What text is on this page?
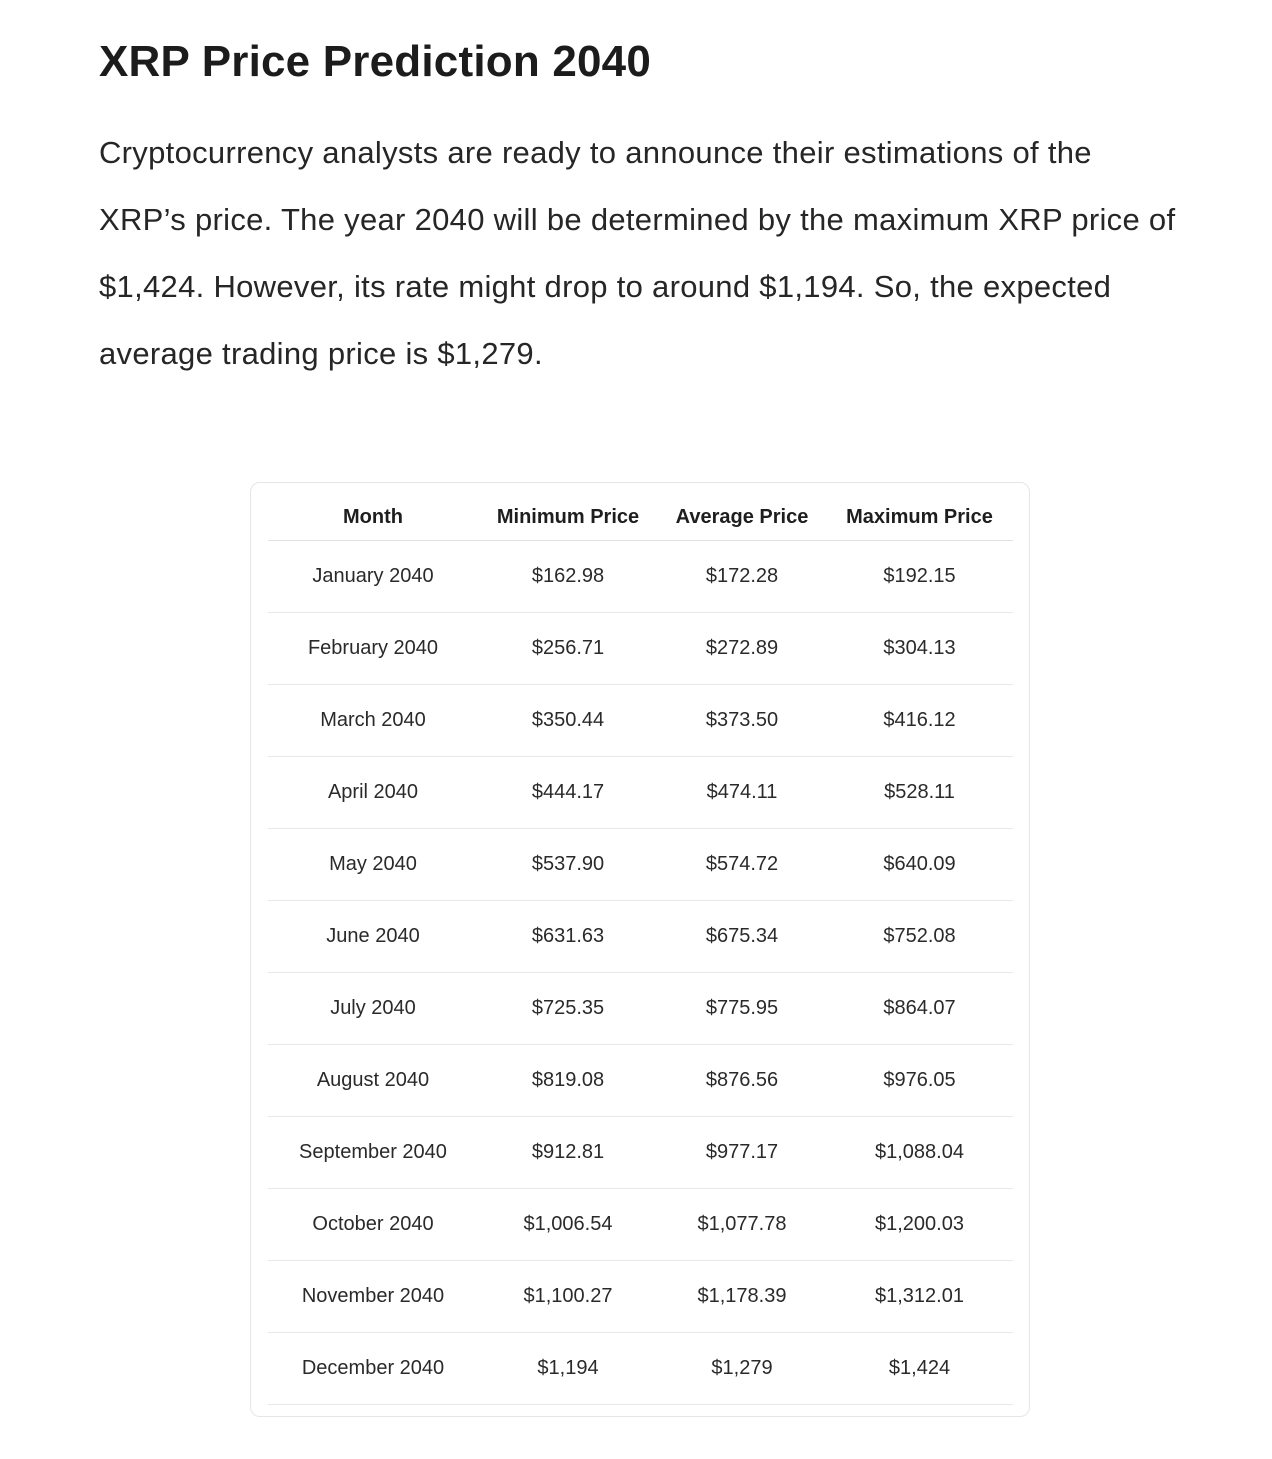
XRP Price Prediction 2040

Cryptocurrency analysts are ready to announce their estimations of the XRP’s price. The year 2040 will be determined by the maximum XRP price of $1,424. However, its rate might drop to around $1,194. So, the expected average trading price is $1,279.

Month	Minimum Price	Average Price	Maximum Price
January 2040	$162.98	$172.28	$192.15
February 2040	$256.71	$272.89	$304.13
March 2040	$350.44	$373.50	$416.12
April 2040	$444.17	$474.11	$528.11
May 2040	$537.90	$574.72	$640.09
June 2040	$631.63	$675.34	$752.08
July 2040	$725.35	$775.95	$864.07
August 2040	$819.08	$876.56	$976.05
September 2040	$912.81	$977.17	$1,088.04
October 2040	$1,006.54	$1,077.78	$1,200.03
November 2040	$1,100.27	$1,178.39	$1,312.01
December 2040	$1,194	$1,279	$1,424
